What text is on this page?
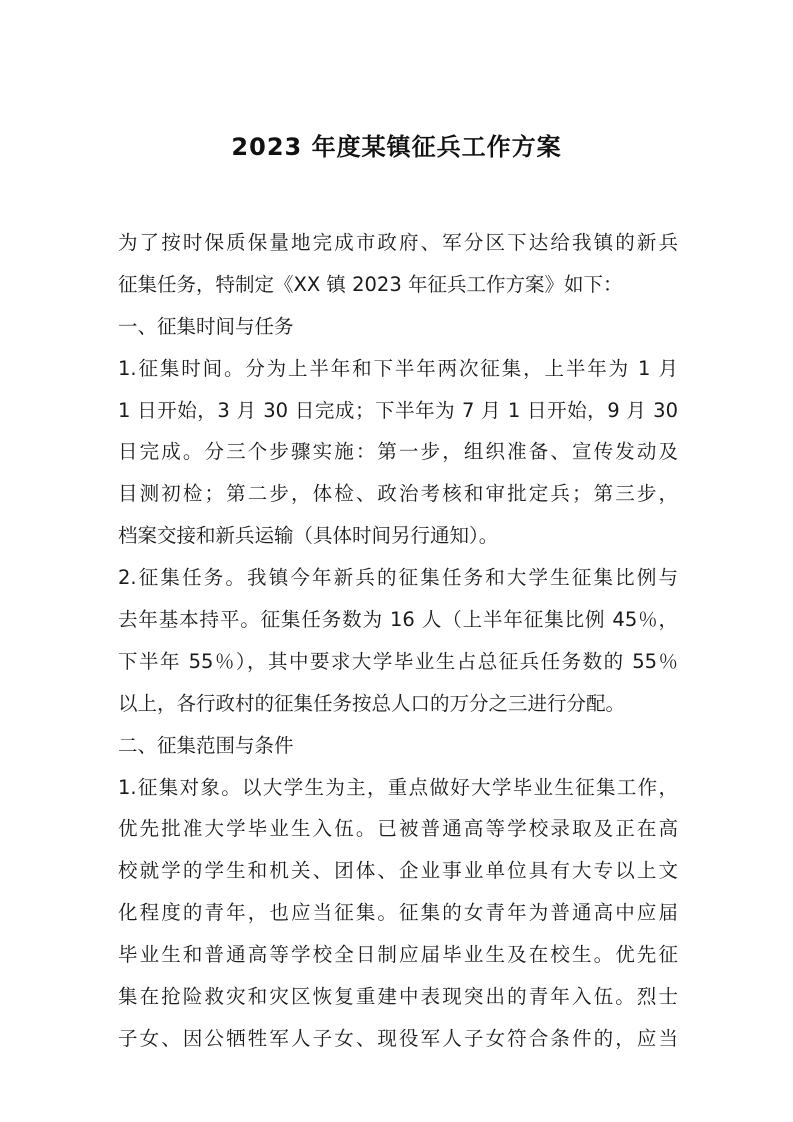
2023 年度某镇征兵工作方案
为了按时保质保量地完成市政府、军分区下达给我镇的新兵
征集任务，特制定《XX 镇 2023 年征兵工作方案》如下：
一、征集时间与任务
1.征集时间。分为上半年和下半年两次征集，上半年为 1 月
1 日开始，3 月 30 日完成；下半年为 7 月 1 日开始，9 月 30
日完成。分三个步骤实施：第一步，组织准备、宣传发动及
目测初检；第二步，体检、政治考核和审批定兵；第三步，
档案交接和新兵运输（具体时间另行通知）。
2.征集任务。我镇今年新兵的征集任务和大学生征集比例与
去年基本持平。征集任务数为 16 人（上半年征集比例 45％，
下半年 55％），其中要求大学毕业生占总征兵任务数的 55％
以上，各行政村的征集任务按总人口的万分之三进行分配。
二、征集范围与条件
1.征集对象。以大学生为主，重点做好大学毕业生征集工作，
优先批准大学毕业生入伍。已被普通高等学校录取及正在高
校就学的学生和机关、团体、企业事业单位具有大专以上文
化程度的青年，也应当征集。征集的女青年为普通高中应届
毕业生和普通高等学校全日制应届毕业生及在校生。优先征
集在抢险救灾和灾区恢复重建中表现突出的青年入伍。烈士
子女、因公牺牲军人子女、现役军人子女符合条件的，应当
